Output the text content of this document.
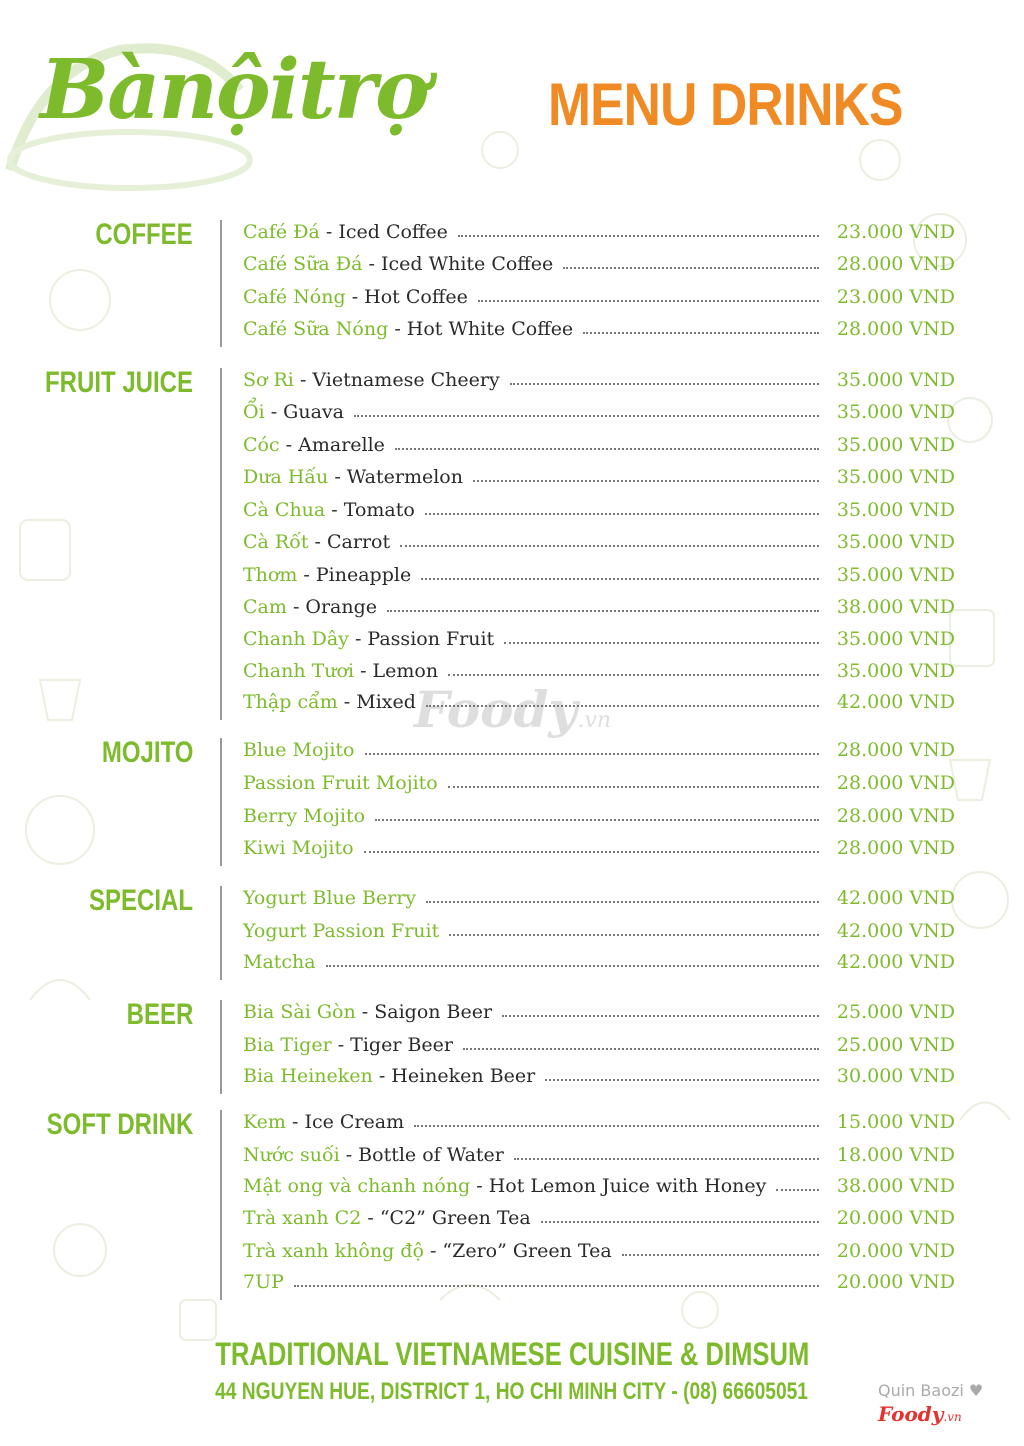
Bànộitrợ MENU DRINKS
Foody.vn
COFFEE	Café Đá - Iced Coffee	23.000 VND
Café Sữa Đá - Iced White Coffee	28.000 VND
Café Nóng - Hot Coffee	23.000 VND
Café Sữa Nóng - Hot White Coffee	28.000 VND
FRUIT JUICE	Sơ Ri - Vietnamese Cheery	35.000 VND
Ổi - Guava	35.000 VND
Cóc - Amarelle	35.000 VND
Dưa Hấu - Watermelon	35.000 VND
Cà Chua - Tomato	35.000 VND
Cà Rốt - Carrot	35.000 VND
Thơm - Pineapple	35.000 VND
Cam - Orange	38.000 VND
Chanh Dây - Passion Fruit	35.000 VND
Chanh Tươi - Lemon	35.000 VND
Thập cẩm - Mixed	42.000 VND
MOJITO	Blue Mojito	28.000 VND
Passion Fruit Mojito	28.000 VND
Berry Mojito	28.000 VND
Kiwi Mojito	28.000 VND
SPECIAL	Yogurt Blue Berry	42.000 VND
Yogurt Passion Fruit	42.000 VND
Matcha	42.000 VND
BEER	Bia Sài Gòn - Saigon Beer	25.000 VND
Bia Tiger - Tiger Beer	25.000 VND
Bia Heineken - Heineken Beer	30.000 VND
SOFT DRINK	Kem - Ice Cream	15.000 VND
Nước suối - Bottle of Water	18.000 VND
Mật ong và chanh nóng - Hot Lemon Juice with Honey	38.000 VND
Trà xanh C2 - “C2” Green Tea	20.000 VND
Trà xanh không độ - “Zero” Green Tea	20.000 VND
7UP	20.000 VND
TRADITIONAL VIETNAMESE CUISINE & DIMSUM
44 NGUYEN HUE, DISTRICT 1, HO CHI MINH CITY - (08) 66605051	Quin Baozi ♥
Foody.vn
